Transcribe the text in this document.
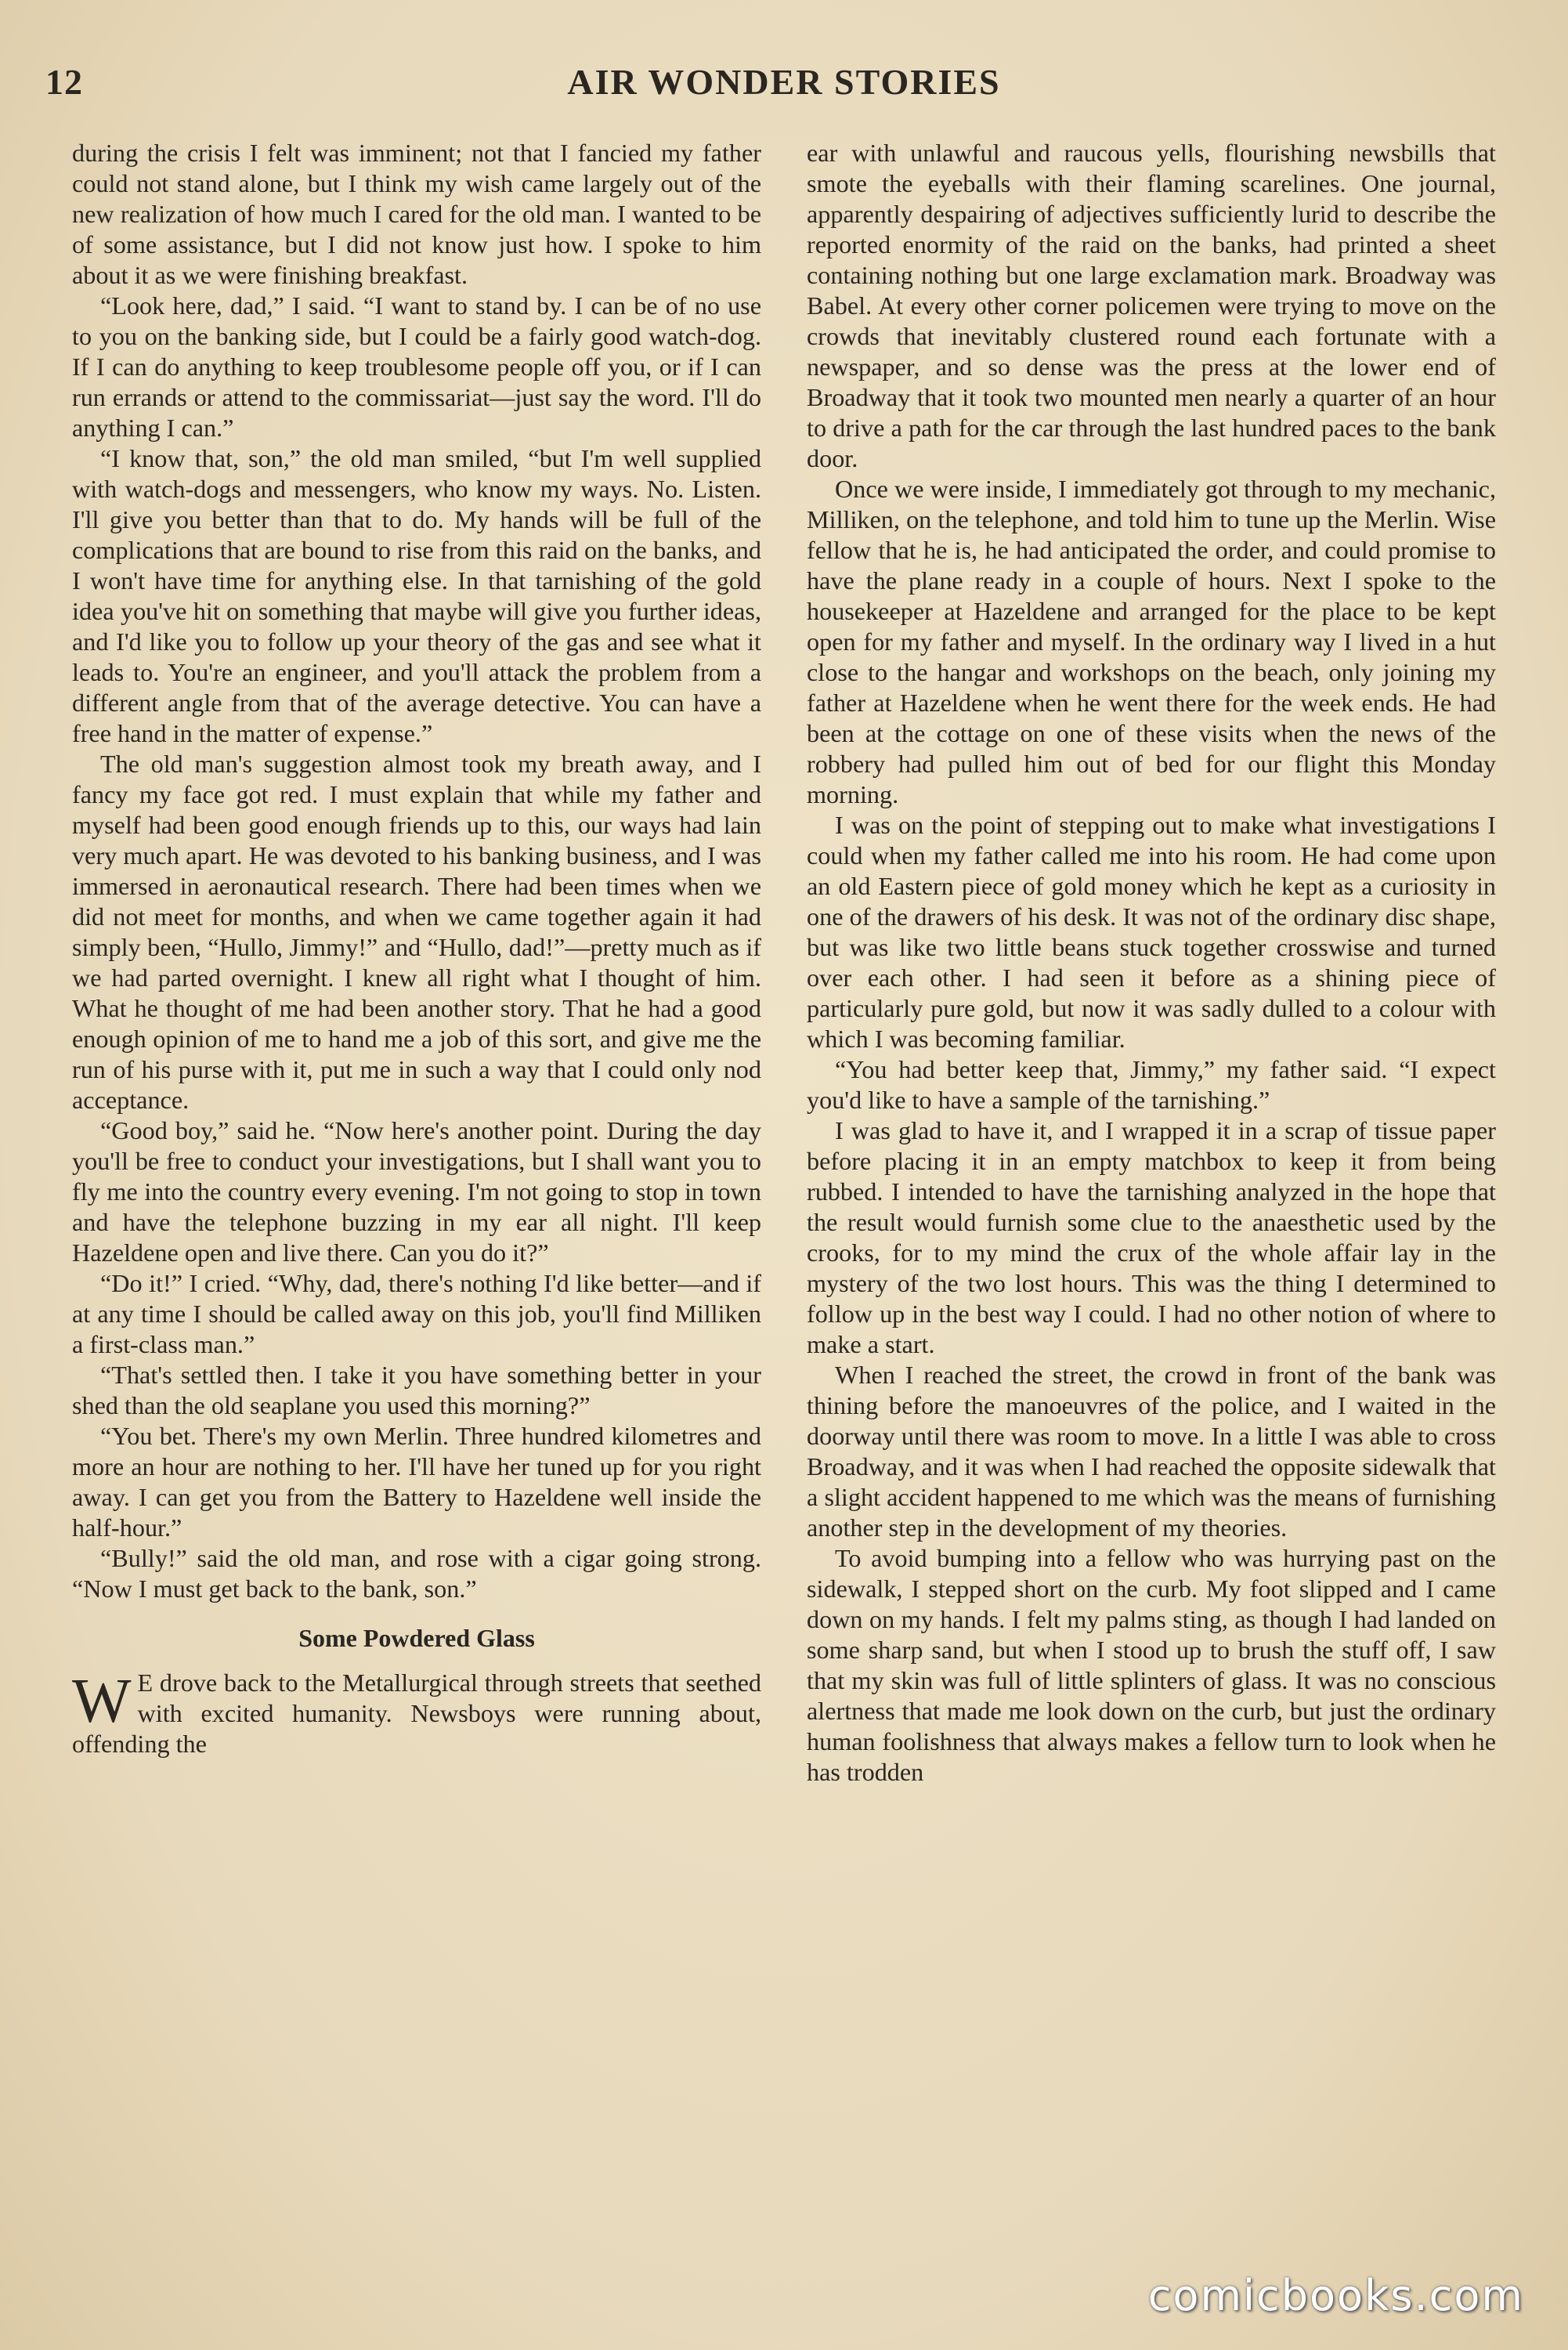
12	AIR WONDER STORIES

during the crisis I felt was imminent; not that I fancied my father could not stand alone, but I think my wish came largely out of the new realization of how much I cared for the old man. I wanted to be of some assistance, but I did not know just how. I spoke to him about it as we were finishing breakfast.

“Look here, dad,” I said. “I want to stand by. I can be of no use to you on the banking side, but I could be a fairly good watch-dog. If I can do anything to keep troublesome people off you, or if I can run errands or attend to the commissariat—just say the word. I'll do anything I can.”

“I know that, son,” the old man smiled, “but I'm well supplied with watch-dogs and messengers, who know my ways. No. Listen. I'll give you better than that to do. My hands will be full of the complications that are bound to rise from this raid on the banks, and I won't have time for anything else. In that tarnishing of the gold idea you've hit on something that maybe will give you further ideas, and I'd like you to follow up your theory of the gas and see what it leads to. You're an engineer, and you'll attack the problem from a different angle from that of the average detective. You can have a free hand in the matter of expense.”

The old man's suggestion almost took my breath away, and I fancy my face got red. I must explain that while my father and myself had been good enough friends up to this, our ways had lain very much apart. He was devoted to his banking business, and I was immersed in aeronautical research. There had been times when we did not meet for months, and when we came together again it had simply been, “Hullo, Jimmy!” and “Hullo, dad!”—pretty much as if we had parted overnight. I knew all right what I thought of him. What he thought of me had been another story. That he had a good enough opinion of me to hand me a job of this sort, and give me the run of his purse with it, put me in such a way that I could only nod acceptance.

“Good boy,” said he. “Now here's another point. During the day you'll be free to conduct your investigations, but I shall want you to fly me into the country every evening. I'm not going to stop in town and have the telephone buzzing in my ear all night. I'll keep Hazeldene open and live there. Can you do it?”

“Do it!” I cried. “Why, dad, there's nothing I'd like better—and if at any time I should be called away on this job, you'll find Milliken a first-class man.”

“That's settled then. I take it you have something better in your shed than the old seaplane you used this morning?”

“You bet. There's my own Merlin. Three hundred kilometres and more an hour are nothing to her. I'll have her tuned up for you right away. I can get you from the Battery to Hazeldene well inside the half-hour.”

“Bully!” said the old man, and rose with a cigar going strong. “Now I must get back to the bank, son.”

Some Powdered Glass

W E drove back to the Metallurgical through streets that seethed with excited humanity. Newsboys were running about, offending the

ear with unlawful and raucous yells, flourishing newsbills that smote the eyeballs with their flaming scarelines. One journal, apparently despairing of adjectives sufficiently lurid to describe the reported enormity of the raid on the banks, had printed a sheet containing nothing but one large exclamation mark. Broadway was Babel. At every other corner policemen were trying to move on the crowds that inevitably clustered round each fortunate with a newspaper, and so dense was the press at the lower end of Broadway that it took two mounted men nearly a quarter of an hour to drive a path for the car through the last hundred paces to the bank door.

Once we were inside, I immediately got through to my mechanic, Milliken, on the telephone, and told him to tune up the Merlin. Wise fellow that he is, he had anticipated the order, and could promise to have the plane ready in a couple of hours. Next I spoke to the housekeeper at Hazeldene and arranged for the place to be kept open for my father and myself. In the ordinary way I lived in a hut close to the hangar and workshops on the beach, only joining my father at Hazeldene when he went there for the week ends. He had been at the cottage on one of these visits when the news of the robbery had pulled him out of bed for our flight this Monday morning.

I was on the point of stepping out to make what investigations I could when my father called me into his room. He had come upon an old Eastern piece of gold money which he kept as a curiosity in one of the drawers of his desk. It was not of the ordinary disc shape, but was like two little beans stuck together crosswise and turned over each other. I had seen it before as a shining piece of particularly pure gold, but now it was sadly dulled to a colour with which I was becoming familiar.

“You had better keep that, Jimmy,” my father said. “I expect you'd like to have a sample of the tarnishing.”

I was glad to have it, and I wrapped it in a scrap of tissue paper before placing it in an empty matchbox to keep it from being rubbed. I intended to have the tarnishing analyzed in the hope that the result would furnish some clue to the anaesthetic used by the crooks, for to my mind the crux of the whole affair lay in the mystery of the two lost hours. This was the thing I determined to follow up in the best way I could. I had no other notion of where to make a start.

When I reached the street, the crowd in front of the bank was thining before the manoeuvres of the police, and I waited in the doorway until there was room to move. In a little I was able to cross Broadway, and it was when I had reached the opposite sidewalk that a slight accident happened to me which was the means of furnishing another step in the development of my theories.

To avoid bumping into a fellow who was hurrying past on the sidewalk, I stepped short on the curb. My foot slipped and I came down on my hands. I felt my palms sting, as though I had landed on some sharp sand, but when I stood up to brush the stuff off, I saw that my skin was full of little splinters of glass. It was no conscious alertness that made me look down on the curb, but just the ordinary human foolishness that always makes a fellow turn to look when he has trodden

comicbooks.com
